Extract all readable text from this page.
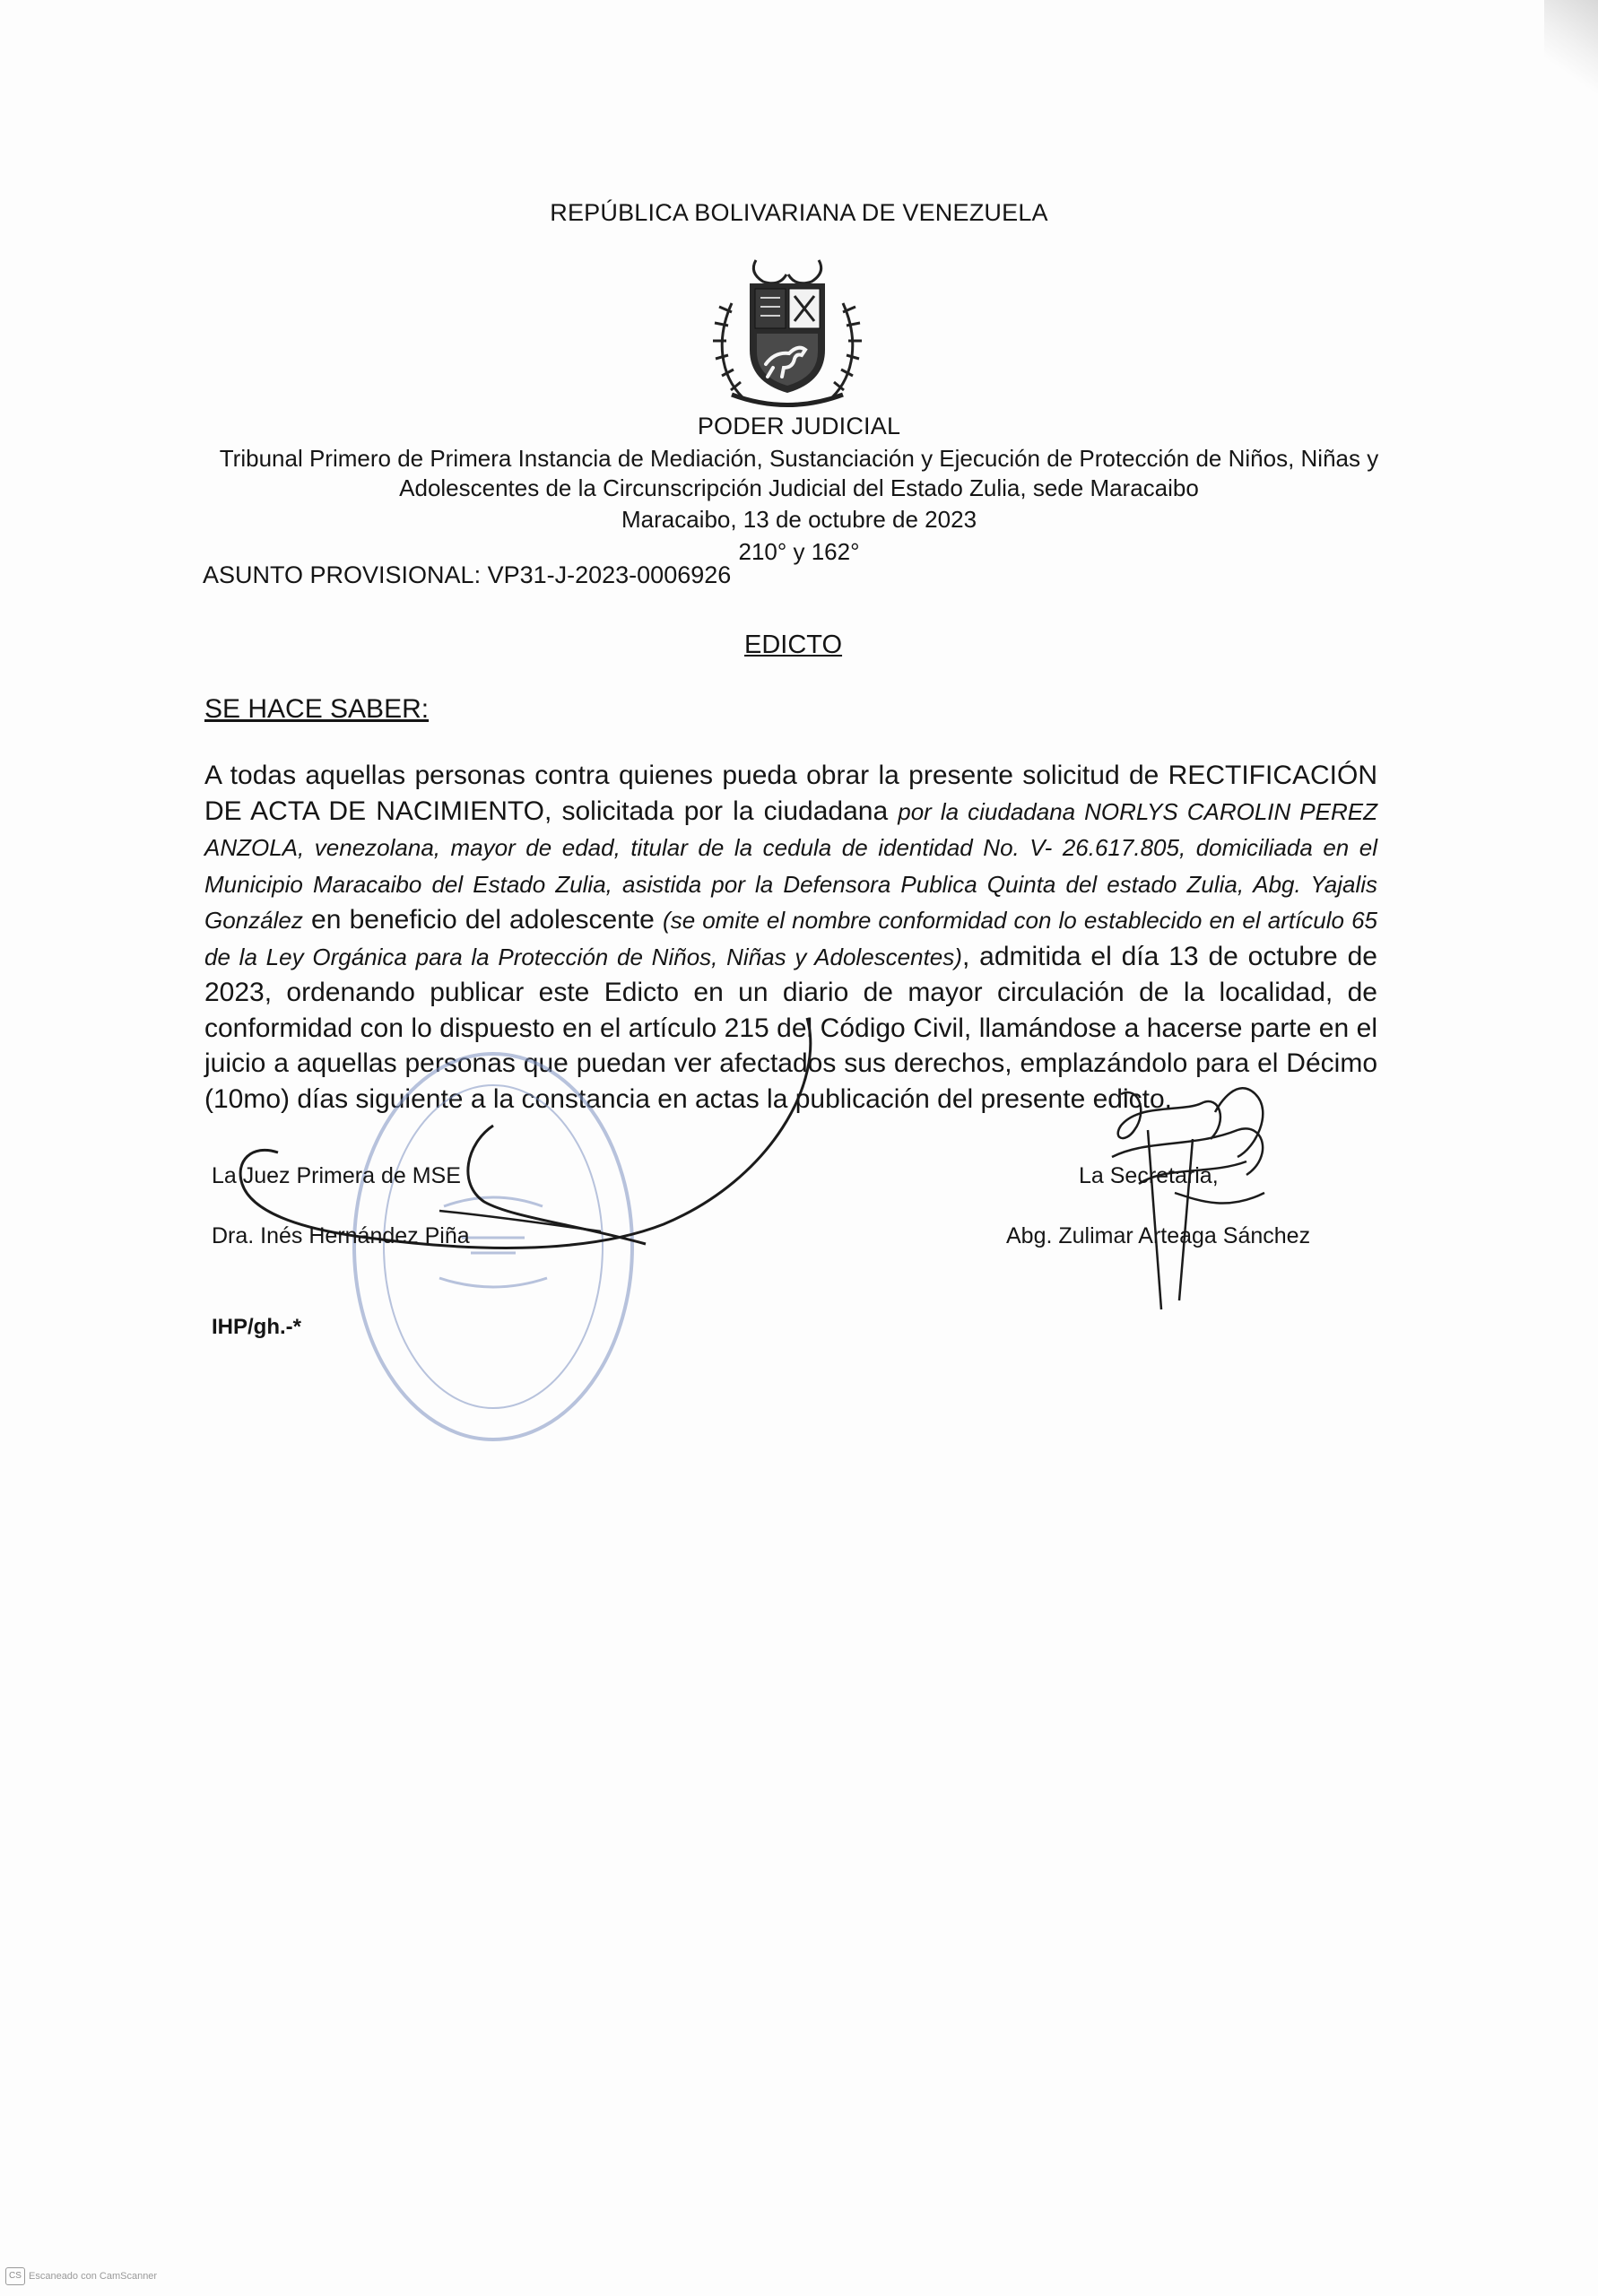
REPÚBLICA BOLIVARIANA DE VENEZUELA
PODER JUDICIAL
Tribunal Primero de Primera Instancia de Mediación, Sustanciación y Ejecución de Protección de Niños, Niñas y
Adolescentes de la Circunscripción Judicial del Estado Zulia, sede Maracaibo
Maracaibo, 13 de octubre de 2023
210° y 162°
ASUNTO PROVISIONAL: VP31-J-2023-0006926
EDICTO
SE HACE SABER:
A todas aquellas personas contra quienes pueda obrar la presente solicitud de RECTIFICACIÓN DE ACTA DE NACIMIENTO, solicitada por la ciudadana por la ciudadana NORLYS CAROLIN PEREZ ANZOLA, venezolana, mayor de edad, titular de la cedula de identidad No. V- 26.617.805, domiciliada en el Municipio Maracaibo del Estado Zulia, asistida por la Defensora Publica Quinta del estado Zulia, Abg. Yajalis González en beneficio del adolescente (se omite el nombre conformidad con lo establecido en el artículo 65 de la Ley Orgánica para la Protección de Niños, Niñas y Adolescentes), admitida el día 13 de octubre de 2023, ordenando publicar este Edicto en un diario de mayor circulación de la localidad, de conformidad con lo dispuesto en el artículo 215 del Código Civil, llamándose a hacerse parte en el juicio a aquellas personas que puedan ver afectados sus derechos, emplazándolo para el Décimo (10mo) días siguiente a la constancia en actas la publicación del presente edicto.
La Juez Primera de MSE
Dra. Inés Hernández Piña
La Secretaria,
Abg. Zulimar Arteaga Sánchez
IHP/gh.-*
CS Escaneado con CamScanner
